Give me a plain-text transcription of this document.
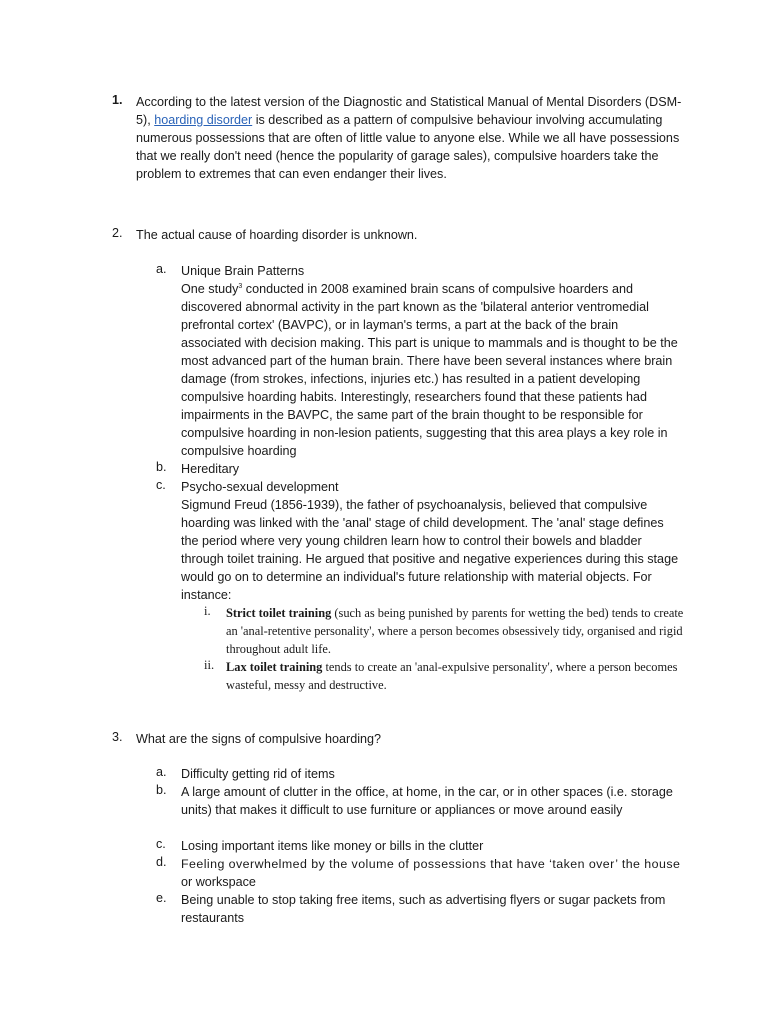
1.	According to the latest version of the Diagnostic and Statistical Manual of Mental Disorders (DSM-5), hoarding disorder is described as a pattern of compulsive behaviour involving accumulating numerous possessions that are often of little value to anyone else. While we all have possessions that we really don't need (hence the popularity of garage sales), compulsive hoarders take the problem to extremes that can even endanger their lives.
2.	The actual cause of hoarding disorder is unknown.
a.	Unique Brain Patterns
One study$^3$ conducted in 2008 examined brain scans of compulsive hoarders and discovered abnormal activity in the part known as the 'bilateral anterior ventromedial prefrontal cortex' (BAVPC), or in layman's terms, a part at the back of the brain associated with decision making. This part is unique to mammals and is thought to be the most advanced part of the human brain. There have been several instances where brain damage (from strokes, infections, injuries etc.) has resulted in a patient developing compulsive hoarding habits. Interestingly, researchers found that these patients had impairments in the BAVPC, the same part of the brain thought to be responsible for compulsive hoarding in non-lesion patients, suggesting that this area plays a key role in compulsive hoarding
b.	Hereditary
c.	Psycho-sexual development
Sigmund Freud (1856-1939), the father of psychoanalysis, believed that compulsive hoarding was linked with the 'anal' stage of child development. The 'anal' stage defines the period where very young children learn how to control their bowels and bladder through toilet training. He argued that positive and negative experiences during this stage would go on to determine an individual's future relationship with material objects. For instance:
i.	Strict toilet training (such as being punished by parents for wetting the bed) tends to create an 'anal-retentive personality', where a person becomes obsessively tidy, organised and rigid throughout adult life.
ii. Lax toilet training tends to create an 'anal-expulsive personality', where a person becomes wasteful, messy and destructive.
3.	What are the signs of compulsive hoarding?
a.	Difficulty getting rid of items
b.	A large amount of clutter in the office, at home, in the car, or in other spaces (i.e. storage units) that makes it difficult to use furniture or appliances or move around easily
c.	Losing important items like money or bills in the clutter
d.	Feeling overwhelmed by the volume of possessions that have ‘taken over’ the house
or workspace
e.	Being unable to stop taking free items, such as advertising flyers or sugar packets from restaurants
